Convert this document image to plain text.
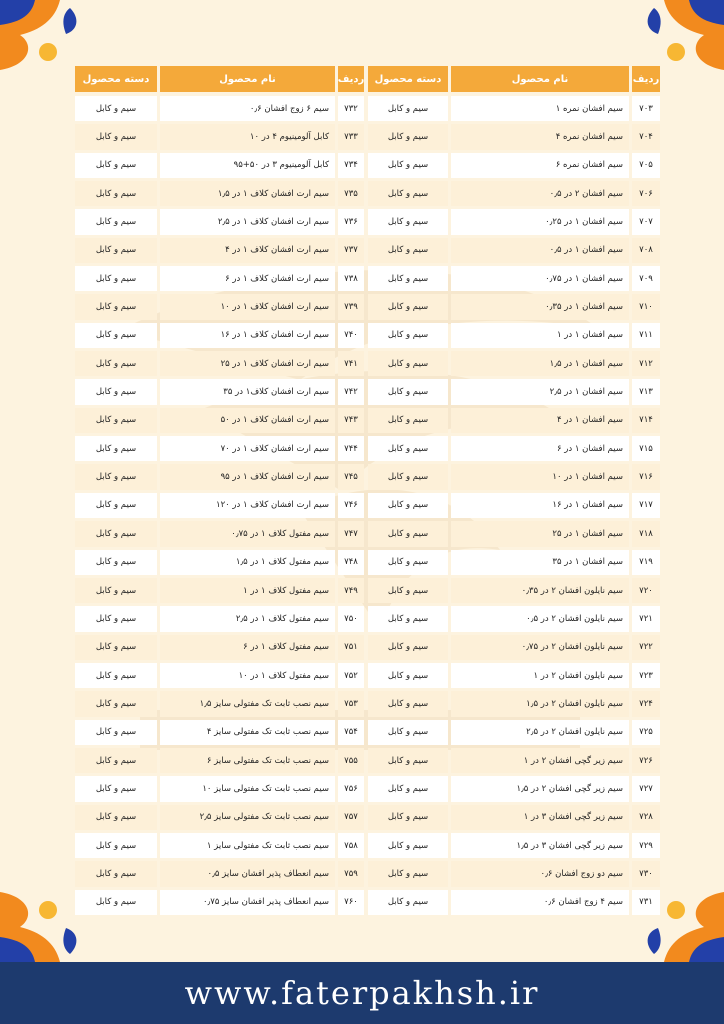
ردیف
نام محصول
دسته محصول
۷۰۳
سیم افشان نمره ۱
سیم و کابل
۷۰۴
سیم افشان نمره ۴
سیم و کابل
۷۰۵
سیم افشان نمره ۶
سیم و کابل
۷۰۶
سیم افشان ۲ در ۰٫۵
سیم و کابل
۷۰۷
سیم افشان ۱ در ۰٫۲۵
سیم و کابل
۷۰۸
سیم افشان ۱ در ۰٫۵
سیم و کابل
۷۰۹
سیم افشان ۱ در ۰٫۷۵
سیم و کابل
۷۱۰
سیم افشان ۱ در ۰٫۳۵
سیم و کابل
۷۱۱
سیم افشان ۱ در ۱
سیم و کابل
۷۱۲
سیم افشان ۱ در ۱٫۵
سیم و کابل
۷۱۳
سیم افشان ۱ در ۲٫۵
سیم و کابل
۷۱۴
سیم افشان ۱ در ۴
سیم و کابل
۷۱۵
سیم افشان ۱ در ۶
سیم و کابل
۷۱۶
سیم افشان ۱ در ۱۰
سیم و کابل
۷۱۷
سیم افشان ۱ در ۱۶
سیم و کابل
۷۱۸
سیم افشان ۱ در ۲۵
سیم و کابل
۷۱۹
سیم افشان ۱ در ۳۵
سیم و کابل
۷۲۰
سیم نایلون افشان ۲ در ۰٫۳۵
سیم و کابل
۷۲۱
سیم نایلون افشان ۲ در ۰٫۵
سیم و کابل
۷۲۲
سیم نایلون افشان ۲ در ۰٫۷۵
سیم و کابل
۷۲۳
سیم نایلون افشان ۲ در ۱
سیم و کابل
۷۲۴
سیم نایلون افشان ۲ در ۱٫۵
سیم و کابل
۷۲۵
سیم نایلون افشان ۲ در ۲٫۵
سیم و کابل
۷۲۶
سیم زیر گچی افشان ۲ در ۱
سیم و کابل
۷۲۷
سیم زیر گچی افشان ۲ در ۱٫۵
سیم و کابل
۷۲۸
سیم زیر گچی افشان ۳ در ۱
سیم و کابل
۷۲۹
سیم زیر گچی افشان ۳ در ۱٫۵
سیم و کابل
۷۳۰
سیم دو زوج افشان ۰٫۶
سیم و کابل
۷۳۱
سیم ۴ زوج افشان ۰٫۶
سیم و کابل
ردیف
نام محصول
دسته محصول
۷۳۲
سیم ۶ زوج افشان ۰٫۶
سیم و کابل
۷۳۳
کابل آلومینیوم ۴ در ۱۰
سیم و کابل
۷۳۴
کابل آلومینیوم ۳ در ۵۰+۹۵
سیم و کابل
۷۳۵
سیم ارت افشان کلاف ۱ در ۱٫۵
سیم و کابل
۷۳۶
سیم ارت افشان کلاف ۱ در ۲٫۵
سیم و کابل
۷۳۷
سیم ارت افشان کلاف ۱ در ۴
سیم و کابل
۷۳۸
سیم ارت افشان کلاف ۱ در ۶
سیم و کابل
۷۳۹
سیم ارت افشان کلاف ۱ در ۱۰
سیم و کابل
۷۴۰
سیم ارت افشان کلاف ۱ در ۱۶
سیم و کابل
۷۴۱
سیم ارت افشان کلاف ۱ در ۲۵
سیم و کابل
۷۴۲
سیم ارت افشان کلاف۱ در ۳۵
سیم و کابل
۷۴۳
سیم ارت افشان کلاف ۱ در ۵۰
سیم و کابل
۷۴۴
سیم ارت افشان کلاف ۱ در ۷۰
سیم و کابل
۷۴۵
سیم ارت افشان کلاف ۱ در ۹۵
سیم و کابل
۷۴۶
سیم ارت افشان کلاف ۱ در ۱۲۰
سیم و کابل
۷۴۷
سیم مفتول کلاف ۱ در ۰٫۷۵
سیم و کابل
۷۴۸
سیم مفتول کلاف ۱ در ۱٫۵
سیم و کابل
۷۴۹
سیم مفتول کلاف ۱ در ۱
سیم و کابل
۷۵۰
سیم مفتول کلاف ۱ در ۲٫۵
سیم و کابل
۷۵۱
سیم مفتول کلاف ۱ در ۶
سیم و کابل
۷۵۲
سیم مفتول کلاف ۱ در ۱۰
سیم و کابل
۷۵۳
سیم نصب ثابت تک مفتولی سایز ۱٫۵
سیم و کابل
۷۵۴
سیم نصب ثابت تک مفتولی سایز ۴
سیم و کابل
۷۵۵
سیم نصب ثابت تک مفتولی سایز ۶
سیم و کابل
۷۵۶
سیم نصب ثابت تک مفتولی سایز ۱۰
سیم و کابل
۷۵۷
سیم نصب ثابت تک مفتولی سایز ۲٫۵
سیم و کابل
۷۵۸
سیم نصب ثابت تک مفتولی سایز ۱
سیم و کابل
۷۵۹
سیم انعطاف پذیر افشان سایز ۰٫۵
سیم و کابل
۷۶۰
سیم انعطاف پذیر افشان سایز ۰٫۷۵
سیم و کابل
www.faterpakhsh.ir
